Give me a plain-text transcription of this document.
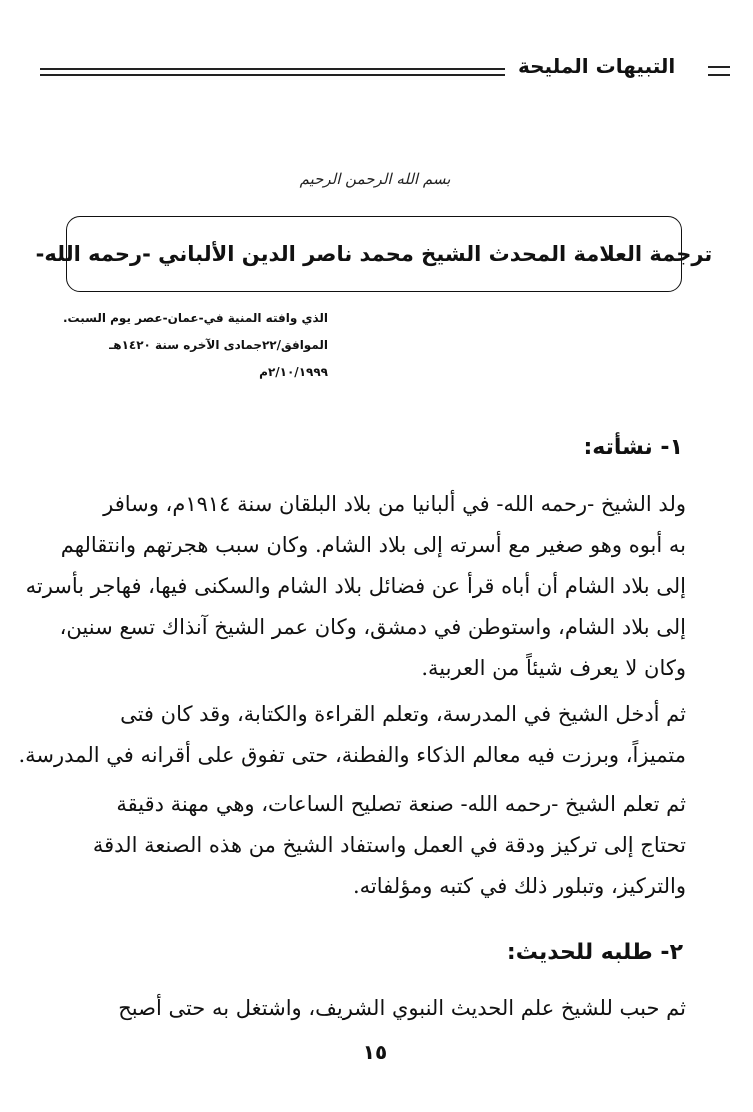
التبيهات المليحة
بسم الله الرحمن الرحيم
ترجمة العلامة المحدث الشيخ محمد ناصر الدين الألباني -رحمه الله-
الذي وافته المنية في-عمان-عصر يوم السبت.
الموافق/٢٢جمادى الآخره سنة ١٤٢٠هـ
٢/١٠/١٩٩٩م
١- نشأته:
ولد الشيخ -رحمه الله- في ألبانيا من بلاد البلقان سنة ١٩١٤م، وسافر
به أبوه وهو صغير مع أسرته إلى بلاد الشام. وكان سبب هجرتهم وانتقالهم
إلى بلاد الشام أن أباه قرأ عن فضائل بلاد الشام والسكنى فيها، فهاجر بأسرته
إلى بلاد الشام، واستوطن في دمشق، وكان عمر الشيخ آنذاك تسع سنين،
وكان لا يعرف شيئاً من العربية.
ثم أدخل الشيخ في المدرسة، وتعلم القراءة والكتابة، وقد كان فتى
متميزاً، وبرزت فيه معالم الذكاء والفطنة، حتى تفوق على أقرانه في المدرسة.
ثم تعلم الشيخ -رحمه الله- صنعة تصليح الساعات، وهي مهنة دقيقة
تحتاج إلى تركيز ودقة في العمل واستفاد الشيخ من هذه الصنعة الدقة
والتركيز، وتبلور ذلك في كتبه ومؤلفاته.
٢- طلبه للحديث:
ثم حبب للشيخ علم الحديث النبوي الشريف، واشتغل به حتى أصبح
١٥
